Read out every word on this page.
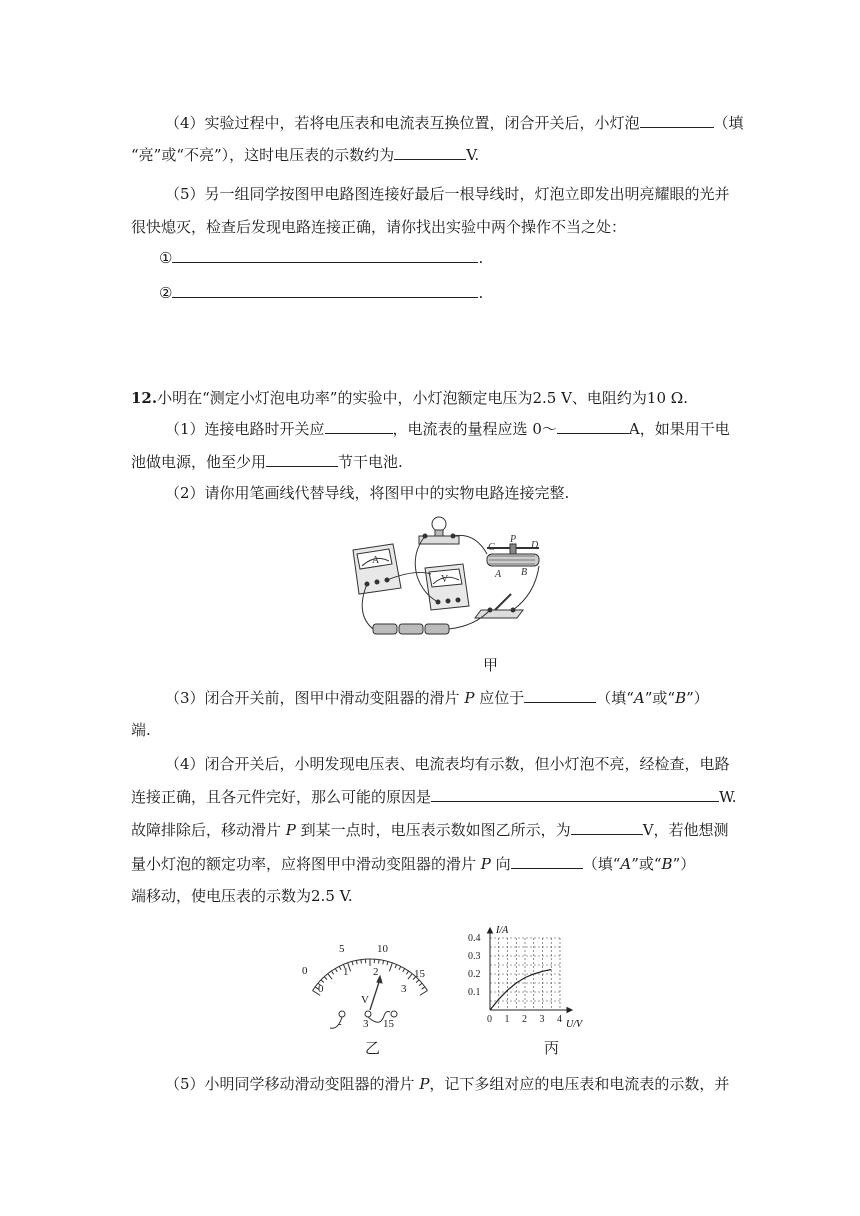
（4）实验过程中，若将电压表和电流表互换位置，闭合开关后，小灯泡	（填
“亮”或“不亮”），这时电压表的示数约为	V.
（5）另一组同学按图甲电路图连接好最后一根导线时，灯泡立即发出明亮耀眼的光并
很快熄灭，检查后发现电路连接正确，请你找出实验中两个操作不当之处：
①	.
②	.
12.小明在“测定小灯泡电功率”的实验中，小灯泡额定电压为2.5 V、电阻约为10 Ω.
（1）连接电路时开关应	，电流表的量程应选 0～	A，如果用干电
池做电源，他至少用	节干电池.
（2）请你用笔画线代替导线，将图甲中的实物电路连接完整.
A
V
C
P
D
A B
甲
（3）闭合开关前，图甲中滑动变阻器的滑片 P 应位于	（填“A”或“B”）
端.
（4）闭合开关后，小明发现电压表、电流表均有示数，但小灯泡不亮，经检查，电路
连接正确，且各元件完好，那么可能的原因是	W.
故障排除后，移动滑片 P 到某一点时，电压表示数如图乙所示，为	V，若他想测
量小灯泡的额定功率，应将图甲中滑动变阻器的滑片 P 向	（填“A”或“B”）
端移动，使电压表的示数为2.5 V.
0
5	10
15
0
1 2
3
V
- 3 15
乙
0 1 2 3 4
0.1
0.2
0.3
0.4
I/A
U/V
丙
（5）小明同学移动滑动变阻器的滑片 P，记下多组对应的电压表和电流表的示数，并
